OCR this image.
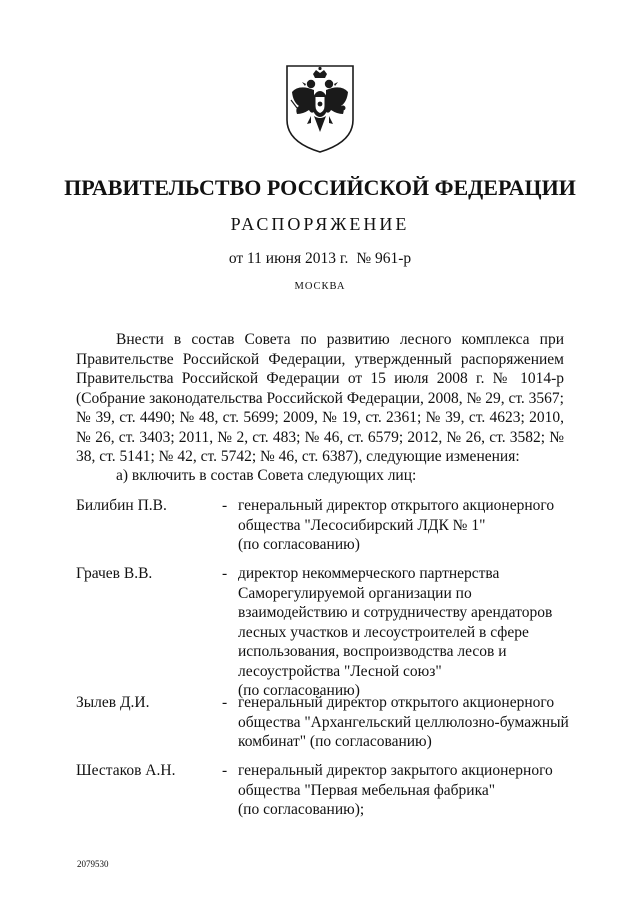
ПРАВИТЕЛЬСТВО РОССИЙСКОЙ ФЕДЕРАЦИИ
РАСПОРЯЖЕНИЕ
от 11 июня 2013 г. № 961-р
МОСКВА

Внести в состав Совета по развитию лесного комплекса при Правительстве Российской Федерации, утвержденный распоряжением Правительства Российской Федерации от 15 июля 2008 г. № 1014-р (Собрание законодательства Российской Федерации, 2008, № 29, ст. 3567; № 39, ст. 4490; № 48, ст. 5699; 2009, № 19, ст. 2361; № 39, ст. 4623; 2010, № 26, ст. 3403; 2011, № 2, ст. 483; № 46, ст. 6579; 2012, № 26, ст. 3582; № 38, ст. 5141; № 42, ст. 5742; № 46, ст. 6387), следующие изменения:

а) включить в состав Совета следующих лиц:

Билибин П.В.	- генеральный директор открытого акционерного
общества "Лесосибирский ЛДК № 1"
(по согласованию)
Грачев В.В.	- директор некоммерческого партнерства
Саморегулируемой организации по
взаимодействию и сотрудничеству арендаторов
лесных участков и лесоустроителей в сфере
использования, воспроизводства лесов и
лесоустройства "Лесной союз"
(по согласованию)
Зылев Д.И.	- генеральный директор открытого акционерного
общества "Архангельский целлюлозно-бумажный
комбинат" (по согласованию)
Шестаков А.Н.	- генеральный директор закрытого акционерного
общества "Первая мебельная фабрика"
(по согласованию);
2079530
